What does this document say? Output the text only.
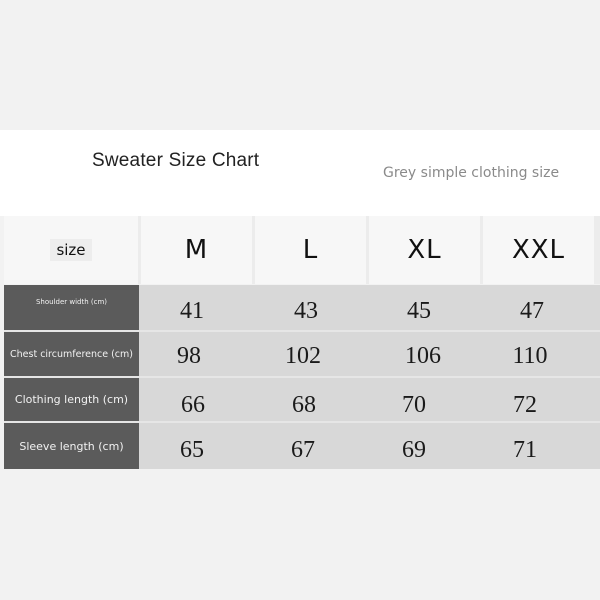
Sweater Size Chart
Grey simple clothing size
size	M	L	XL	XXL
Shoulder width (cm)	41	43	45	47
Chest circumference (cm)	98	102	106	110
Clothing length (cm)	66	68	70	72
Sleeve length (cm)	65	67	69	71
